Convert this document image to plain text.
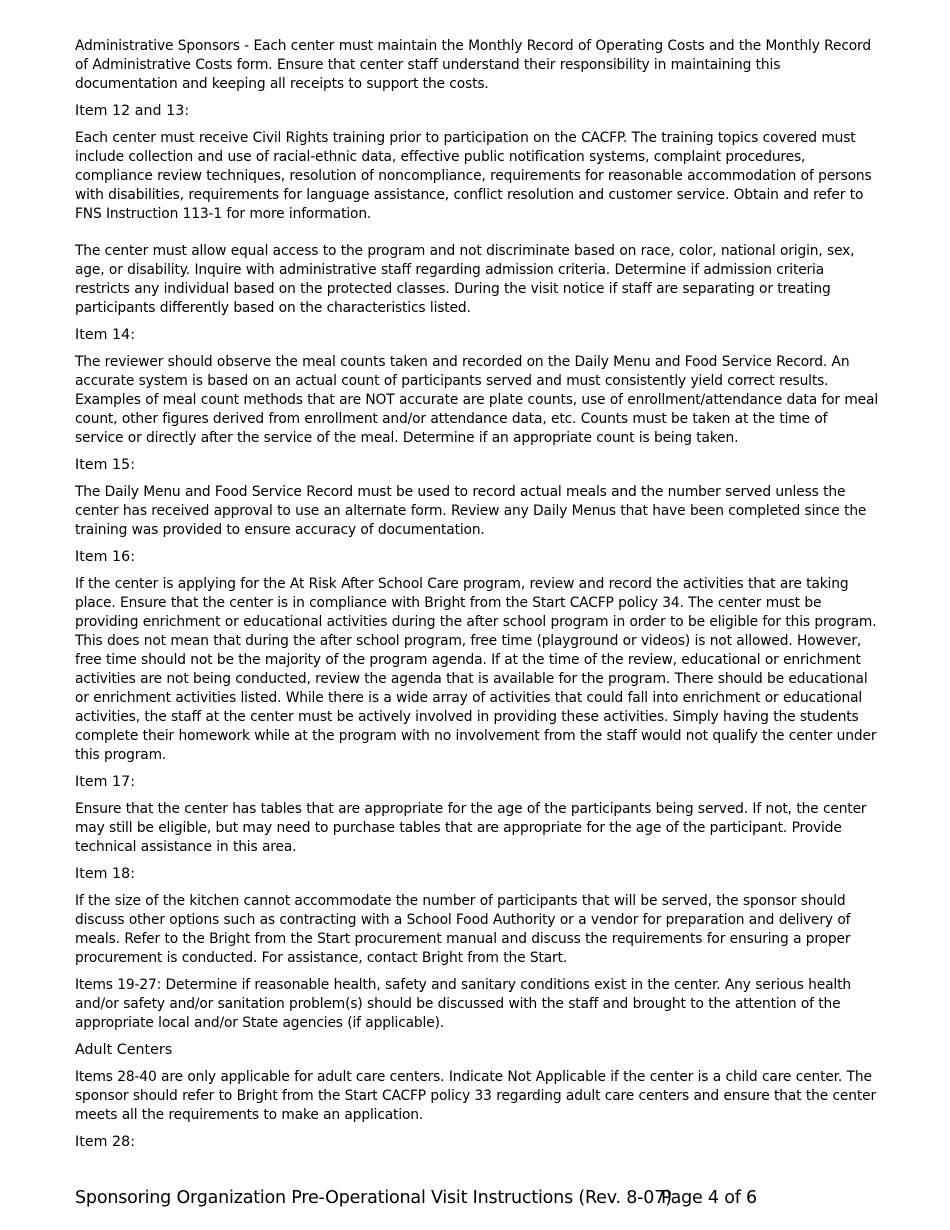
Administrative Sponsors - Each center must maintain the Monthly Record of Operating Costs and the Monthly Record of Administrative Costs form. Ensure that center staff understand their responsibility in maintaining this documentation and keeping all receipts to support the costs.

Item 12 and 13:

Each center must receive Civil Rights training prior to participation on the CACFP. The training topics covered must include collection and use of racial-ethnic data, effective public notification systems, complaint procedures, compliance review techniques, resolution of noncompliance, requirements for reasonable accommodation of persons with disabilities, requirements for language assistance, conflict resolution and customer service. Obtain and refer to FNS Instruction 113-1 for more information.

The center must allow equal access to the program and not discriminate based on race, color, national origin, sex, age, or disability. Inquire with administrative staff regarding admission criteria. Determine if admission criteria restricts any individual based on the protected classes. During the visit notice if staff are separating or treating participants differently based on the characteristics listed.

Item 14:

The reviewer should observe the meal counts taken and recorded on the Daily Menu and Food Service Record. An accurate system is based on an actual count of participants served and must consistently yield correct results. Examples of meal count methods that are NOT accurate are plate counts, use of enrollment/attendance data for meal count, other figures derived from enrollment and/or attendance data, etc. Counts must be taken at the time of service or directly after the service of the meal. Determine if an appropriate count is being taken.

Item 15:

The Daily Menu and Food Service Record must be used to record actual meals and the number served unless the center has received approval to use an alternate form. Review any Daily Menus that have been completed since the training was provided to ensure accuracy of documentation.

Item 16:

If the center is applying for the At Risk After School Care program, review and record the activities that are taking place. Ensure that the center is in compliance with Bright from the Start CACFP policy 34. The center must be providing enrichment or educational activities during the after school program in order to be eligible for this program. This does not mean that during the after school program, free time (playground or videos) is not allowed. However, free time should not be the majority of the program agenda. If at the time of the review, educational or enrichment activities are not being conducted, review the agenda that is available for the program. There should be educational or enrichment activities listed. While there is a wide array of activities that could fall into enrichment or educational activities, the staff at the center must be actively involved in providing these activities. Simply having the students complete their homework while at the program with no involvement from the staff would not qualify the center under this program.

Item 17:

Ensure that the center has tables that are appropriate for the age of the participants being served. If not, the center may still be eligible, but may need to purchase tables that are appropriate for the age of the participant. Provide technical assistance in this area.

Item 18:

If the size of the kitchen cannot accommodate the number of participants that will be served, the sponsor should discuss other options such as contracting with a School Food Authority or a vendor for preparation and delivery of meals. Refer to the Bright from the Start procurement manual and discuss the requirements for ensuring a proper procurement is conducted. For assistance, contact Bright from the Start.

Items 19-27: Determine if reasonable health, safety and sanitary conditions exist in the center. Any serious health and/or safety and/or sanitation problem(s) should be discussed with the staff and brought to the attention of the appropriate local and/or State agencies (if applicable).

Adult Centers

Items 28-40 are only applicable for adult care centers. Indicate Not Applicable if the center is a child care center. The sponsor should refer to Bright from the Start CACFP policy 33 regarding adult care centers and ensure that the center meets all the requirements to make an application.

Item 28:

Sponsoring Organization Pre-Operational Visit Instructions (Rev. 8-07)
Page 4 of 6
